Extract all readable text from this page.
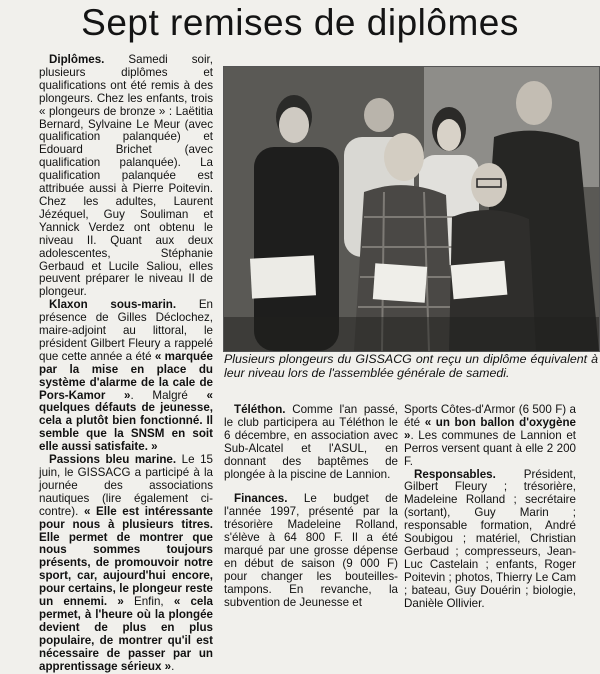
Sept remises de diplômes

Diplômes. Samedi soir, plusieurs diplômes et qualifications ont été remis à des plongeurs. Chez les enfants, trois « plongeurs de bronze » : Laëtitia Bernard, Sylvaine Le Meur (avec qualification palanquée) et Edouard Brichet (avec qualification palanquée). La qualification palanquée est attribuée aussi à Pierre Poitevin. Chez les adultes, Laurent Jézéquel, Guy Souliman et Yannick Verdez ont obtenu le niveau II. Quant aux deux adolescentes, Stéphanie Gerbaud et Lucile Saliou, elles peuvent préparer le niveau II de plongeur.

Klaxon sous-marin. En présence de Gilles Déclochez, maire-adjoint au littoral, le président Gilbert Fleury a rappelé que cette année a été « marquée par la mise en place du système d'alarme de la cale de Pors-Kamor ». Malgré « quelques défauts de jeunesse, cela a plutôt bien fonctionné. Il semble que la SNSM en soit elle aussi satisfaite. »

Passions bleu marine. Le 15 juin, le GISSACG a participé à la journée des associations nautiques (lire également ci-contre). « Elle est intéressante pour nous à plusieurs titres. Elle permet de montrer que nous sommes toujours présents, de promouvoir notre sport, car, aujourd'hui encore, pour certains, le plongeur reste un ennemi. » Enfin, « cela permet, à l'heure où la plongée devient de plus en plus populaire, de montrer qu'il est nécessaire de passer par un apprentissage sérieux ».

Plusieurs plongeurs du GISSACG ont reçu un diplôme équivalent à leur niveau lors de l'assemblée générale de samedi.

Téléthon. Comme l'an passé, le club participera au Téléthon le 6 décembre, en association avec Sub-Alcatel et l'ASUL, en donnant des baptêmes de plongée à la piscine de Lannion.

Finances. Le budget de l'année 1997, présenté par la trésorière Madeleine Rolland, s'élève à 64 800 F. Il a été marqué par une grosse dépense en début de saison (9 000 F) pour changer les bouteilles-tampons. En revanche, la subvention de Jeunesse et

Sports Côtes-d'Armor (6 500 F) a été « un bon ballon d'oxygène ». Les communes de Lannion et Perros versent quant à elle 2 200 F.

Responsables. Président, Gilbert Fleury ; trésorière, Madeleine Rolland ; secrétaire (sortant), Guy Marin ; responsable formation, André Soubigou ; matériel, Christian Gerbaud ; compresseurs, Jean-Luc Castelain ; enfants, Roger Poitevin ; photos, Thierry Le Cam ; bateau, Guy Douérin ; biologie, Danièle Ollivier.
